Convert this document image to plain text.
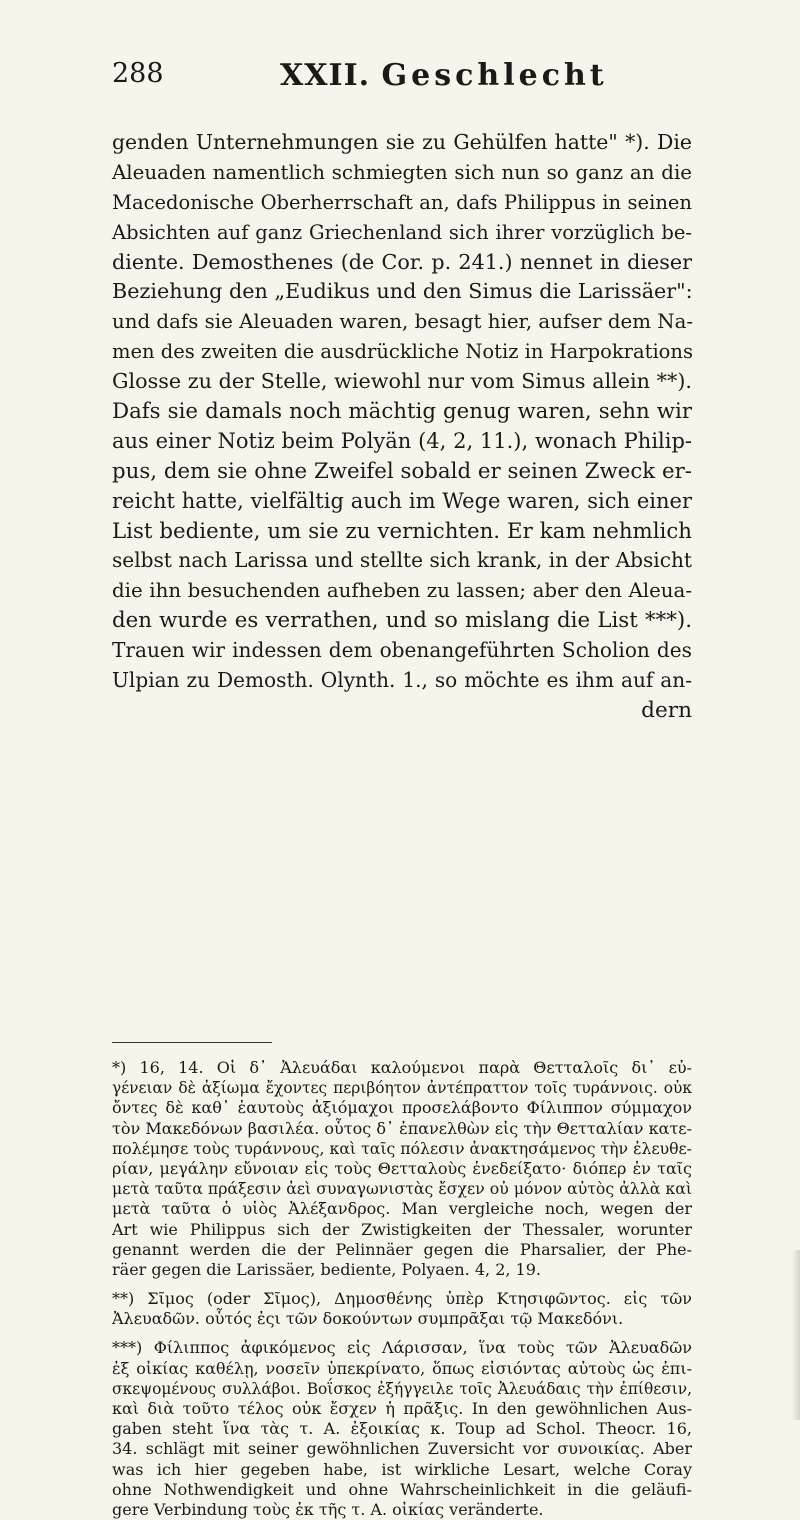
288	XXII. Geschlecht
genden Unternehmungen sie zu Gehülfen hatte" *). Die
Aleuaden namentlich schmiegten sich nun so ganz an die
Macedonische Oberherrschaft an, dafs Philippus in seinen
Absichten auf ganz Griechenland sich ihrer vorzüglich be-
diente. Demosthenes (de Cor. p. 241.) nennet in dieser
Beziehung den „Eudikus und den Simus die Larissäer":
und dafs sie Aleuaden waren, besagt hier, aufser dem Na-
men des zweiten die ausdrückliche Notiz in Harpokrations
Glosse zu der Stelle, wiewohl nur vom Simus allein **).
Dafs sie damals noch mächtig genug waren, sehn wir
aus einer Notiz beim Polyän (4, 2, 11.), wonach Philip-
pus, dem sie ohne Zweifel sobald er seinen Zweck er-
reicht hatte, vielfältig auch im Wege waren, sich einer
List bediente, um sie zu vernichten. Er kam nehmlich
selbst nach Larissa und stellte sich krank, in der Absicht
die ihn besuchenden aufheben zu lassen; aber den Aleua-
den wurde es verrathen, und so mislang die List ***).
Trauen wir indessen dem obenangeführten Scholion des
Ulpian zu Demosth. Olynth. 1., so möchte es ihm auf an-
dern
*) 16, 14. Οἱ δ᾽ Ἀλευάδαι καλούμενοι παρὰ Θετταλοῖς δι᾽ εὐ-
γένειαν δὲ ἀξίωμα ἔχοντες περιβόητον ἀντέπραττον τοῖς τυράννοις. οὐκ
ὄντες δὲ καθ᾽ ἑαυτοὺς ἀξιόμαχοι προσελάβοντο Φίλιππον σύμμαχον
τὸν Μακεδόνων βασιλέα. οὗτος δ᾽ ἐπανελθὼν εἰς τὴν Θετταλίαν κατε-
πολέμησε τοὺς τυράννους, καὶ ταῖς πόλεσιν ἀνακτησάμενος τὴν ἐλευθε-
ρίαν, μεγάλην εὔνοιαν εἰς τοὺς Θετταλοὺς ἐνεδείξατο· διόπερ ἐν ταῖς
μετὰ ταῦτα πράξεσιν ἀεὶ συναγωνιστὰς ἔσχεν οὐ μόνον αὐτὸς ἀλλὰ καὶ
μετὰ ταῦτα ὁ υἱὸς Ἀλέξανδρος. Man vergleiche noch, wegen der
Art wie Philippus sich der Zwistigkeiten der Thessaler, worunter
genannt werden die der Pelinnäer gegen die Pharsalier, der Phe-
räer gegen die Larissäer, bediente, Polyaen. 4, 2, 19.
**) Σῖμος (oder Σῖμος), Δημοσθένης ὑπὲρ Κτησιφῶντος. εἰς τῶν
Ἀλευαδῶν. οὗτός ἐςι τῶν δοκούντων συμπρᾶξαι τῷ Μακεδόνι.
***) Φίλιππος ἀφικόμενος εἰς Λάρισσαν, ἵνα τοὺς τῶν Ἀλευαδῶν
ἐξ οἰκίας καθέλῃ, νοσεῖν ὑπεκρίνατο, ὅπως εἰσιόντας αὐτοὺς ὡς ἐπι-
σκεψομένους συλλάβοι. Βοΐσκος ἐξήγγειλε τοῖς Ἀλευάδαις τὴν ἐπίθεσιν,
καὶ διὰ τοῦτο τέλος οὐκ ἔσχεν ἡ πρᾶξις. In den gewöhnlichen Aus-
gaben steht ἵνα τὰς τ. Α. ἐξοικίας κ. Toup ad Schol. Theocr. 16,
34. schlägt mit seiner gewöhnlichen Zuversicht vor συνοικίας. Aber
was ich hier gegeben habe, ist wirkliche Lesart, welche Coray
ohne Nothwendigkeit und ohne Wahrscheinlichkeit in die geläufi-
gere Verbindung τοὺς ἐκ τῆς τ. Α. οἰκίας veränderte.
